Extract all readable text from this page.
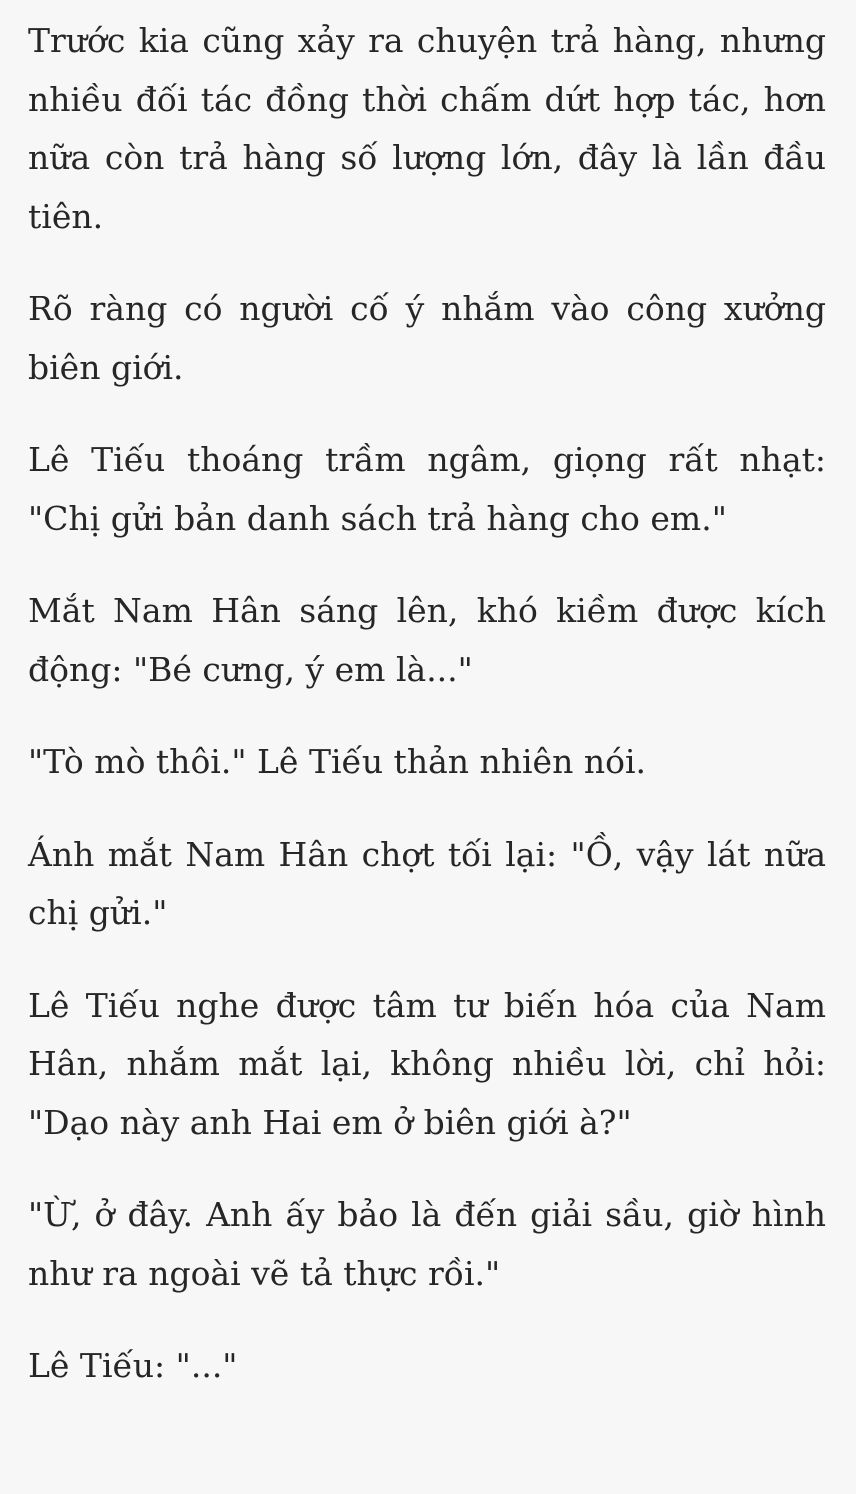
Trước kia cũng xảy ra chuyện trả hàng, nhưng nhiều đối tác đồng thời chấm dứt hợp tác, hơn nữa còn trả hàng số lượng lớn, đây là lần đầu tiên.

Rõ ràng có người cố ý nhắm vào công xưởng biên giới.

Lê Tiếu thoáng trầm ngâm, giọng rất nhạt: "Chị gửi bản danh sách trả hàng cho em."

Mắt Nam Hân sáng lên, khó kiềm được kích động: "Bé cưng, ý em là..."

"Tò mò thôi." Lê Tiếu thản nhiên nói.

Ánh mắt Nam Hân chợt tối lại: "Ồ, vậy lát nữa chị gửi."

Lê Tiếu nghe được tâm tư biến hóa của Nam Hân, nhắm mắt lại, không nhiều lời, chỉ hỏi: "Dạo này anh Hai em ở biên giới à?"

"Ừ, ở đây. Anh ấy bảo là đến giải sầu, giờ hình như ra ngoài vẽ tả thực rồi."

Lê Tiếu: "..."
